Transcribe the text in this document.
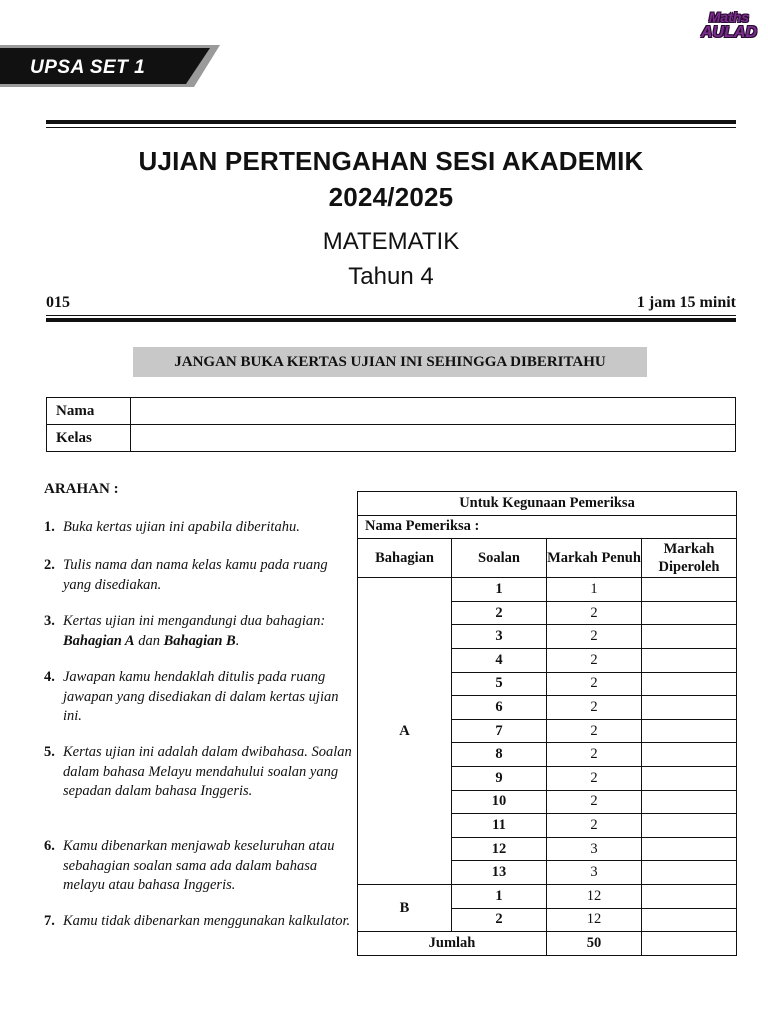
UPSA SET 1
Maths
AULAD
UJIAN PERTENGAHAN SESI AKADEMIK
2024/2025
MATEMATIK
Tahun 4
015	1 jam 15 minit
JANGAN BUKA KERTAS UJIAN INI SEHINGGA DIBERITAHU
Nama	
Kelas	
ARAHAN :
1. Buka kertas ujian ini apabila diberitahu.
2. Tulis nama dan nama kelas kamu pada ruang yang disediakan.
3. Kertas ujian ini mengandungi dua bahagian: Bahagian A dan Bahagian B.
4. Jawapan kamu hendaklah ditulis pada ruang jawapan yang disediakan di dalam kertas ujian ini.
5. Kertas ujian ini adalah dalam dwibahasa. Soalan dalam bahasa Melayu mendahului soalan yang sepadan dalam bahasa Inggeris.
6. Kamu dibenarkan menjawab keseluruhan atau sebahagian soalan sama ada dalam bahasa melayu atau bahasa Inggeris.
7. Kamu tidak dibenarkan menggunakan kalkulator.
Untuk Kegunaan Pemeriksa			
Nama Pemeriksa :			
Bahagian	Soalan	Markah Penuh	Markah Diperoleh
A	1	1	
	2	2	
	3	2	
	4	2	
	5	2	
	6	2	
	7	2	
	8	2	
	9	2	
	10	2	
	11	2	
	12	3	
	13	3	
B	1	12	
	2	12	
Jumlah		50	
